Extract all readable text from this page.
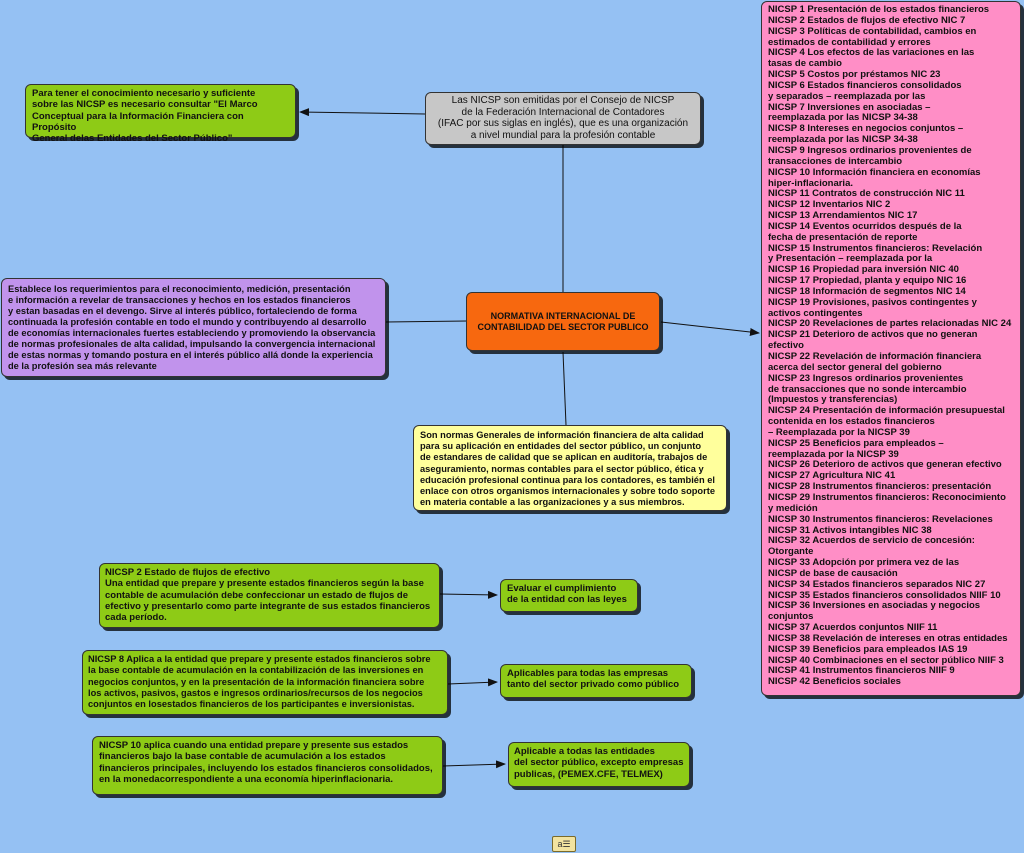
Las NICSP son emitidas por el Consejo de NICSP
de la Federación Internacional de Contadores
(IFAC por sus siglas en inglés), que es una organización
a nivel mundial para la profesión contable
Para tener el conocimiento necesario y suficiente
sobre las NICSP es necesario consultar "El Marco
Conceptual para la Información Financiera con Propósito
General delas Entidades del Sector Público"
Establece los requerimientos para el reconocimiento, medición, presentación
e información a revelar de transacciones y hechos en los estados financieros
y estan basadas en el devengo. Sirve al interés público, fortaleciendo de forma
continuada la profesión contable en todo el mundo y contribuyendo al desarrollo
de economías internacionales fuertes estableciendo y promoviendo la observancia
de normas profesionales de alta calidad, impulsando la convergencia internacional
de estas normas y tomando postura en el interés público allá donde la experiencia
de la profesión sea más relevante
NORMATIVA INTERNACIONAL DE
CONTABILIDAD DEL SECTOR PUBLICO
Son normas Generales de información financiera de alta calidad
para su aplicación en entidades del sector público, un conjunto
de estandares de calidad que se aplican en auditoría, trabajos de
aseguramiento, normas contables para el sector público, ética y
educación profesional continua para los contadores, es también el
enlace con otros organismos internacionales y sobre todo soporte
en materia contable a las organizaciones y a sus miembros.
NICSP 1 Presentación de los estados financieros
NICSP 2 Estados de flujos de efectivo NIC 7
NICSP 3 Políticas de contabilidad, cambios en
estimados de contabilidad y errores
NICSP 4 Los efectos de las variaciones en las
tasas de cambio
NICSP 5 Costos por préstamos NIC 23
NICSP 6 Estados financieros consolidados
y separados – reemplazada por las
NICSP 7 Inversiones en asociadas –
reemplazada por las NICSP 34-38
NICSP 8 Intereses en negocios conjuntos –
reemplazada por las NICSP 34-38
NICSP 9 Ingresos ordinarios provenientes de
transacciones de intercambio
NICSP 10 Información financiera en economías
hiper-inflacionaria.
NICSP 11 Contratos de construcción NIC 11
NICSP 12 Inventarios NIC 2
NICSP 13 Arrendamientos NIC 17
NICSP 14 Eventos ocurridos después de la
fecha de presentación de reporte
NICSP 15 Instrumentos financieros: Revelación
y Presentación – reemplazada por la
NICSP 16 Propiedad para inversión NIC 40
NICSP 17 Propiedad, planta y equipo NIC 16
NICSP 18 Información de segmentos NIC 14
NICSP 19 Provisiones, pasivos contingentes y
activos contingentes
NICSP 20 Revelaciones de partes relacionadas NIC 24
NICSP 21 Deterioro de activos que no generan
efectivo
NICSP 22 Revelación de información financiera
acerca del sector general del gobierno
NICSP 23 Ingresos ordinarios provenientes
de transacciones que no sonde intercambio
(Impuestos y transferencias)
NICSP 24 Presentación de información presupuestal
contenida en los estados financieros
– Reemplazada por la NICSP 39
NICSP 25 Beneficios para empleados –
reemplazada por la NICSP 39
NICSP 26 Deterioro de activos que generan efectivo
NICSP 27 Agricultura NIC 41
NICSP 28 Instrumentos financieros: presentación
NICSP 29 Instrumentos financieros: Reconocimiento
y medición
NICSP 30 Instrumentos financieros: Revelaciones
NICSP 31 Activos intangibles NIC 38
NICSP 32 Acuerdos de servicio de concesión:
Otorgante
NICSP 33 Adopción por primera vez de las
NICSP de base de causación
NICSP 34 Estados financieros separados NIC 27
NICSP 35 Estados financieros consolidados NIIF 10
NICSP 36 Inversiones en asociadas y negocios
conjuntos
NICSP 37 Acuerdos conjuntos NIIF 11
NICSP 38 Revelación de intereses en otras entidades
NICSP 39 Beneficios para empleados IAS 19
NICSP 40 Combinaciones en el sector público NIIF 3
NICSP 41 Instrumentos financieros NIIF 9
NICSP 42 Beneficios sociales
NICSP 2 Estado de flujos de efectivo
Una entidad que prepare y presente estados financieros según la base
contable de acumulación debe confeccionar un estado de flujos de
efectivo y presentarlo como parte integrante de sus estados financieros
cada período.
Evaluar el cumplimiento
de la entidad con las leyes
NICSP 8 Aplica a la entidad que prepare y presente estados financieros sobre
la base contable de acumulación en la contabilización de las inversiones en
negocios conjuntos, y en la presentación de la información financiera sobre
los activos, pasivos, gastos e ingresos ordinarios/recursos de los negocios
conjuntos en losestados financieros de los participantes e inversionistas.
Aplicables para todas las empresas
tanto del sector privado como público
NICSP 10 aplica cuando una entidad prepare y presente sus estados
financieros bajo la base contable de acumulación a los estados
financieros principales, incluyendo los estados financieros consolidados,
en la monedacorrespondiente a una economía hiperinflacionaria.
Aplicable a todas las entidades
del sector público, excepto empresas
publicas, (PEMEX.CFE, TELMEX)
a☰
